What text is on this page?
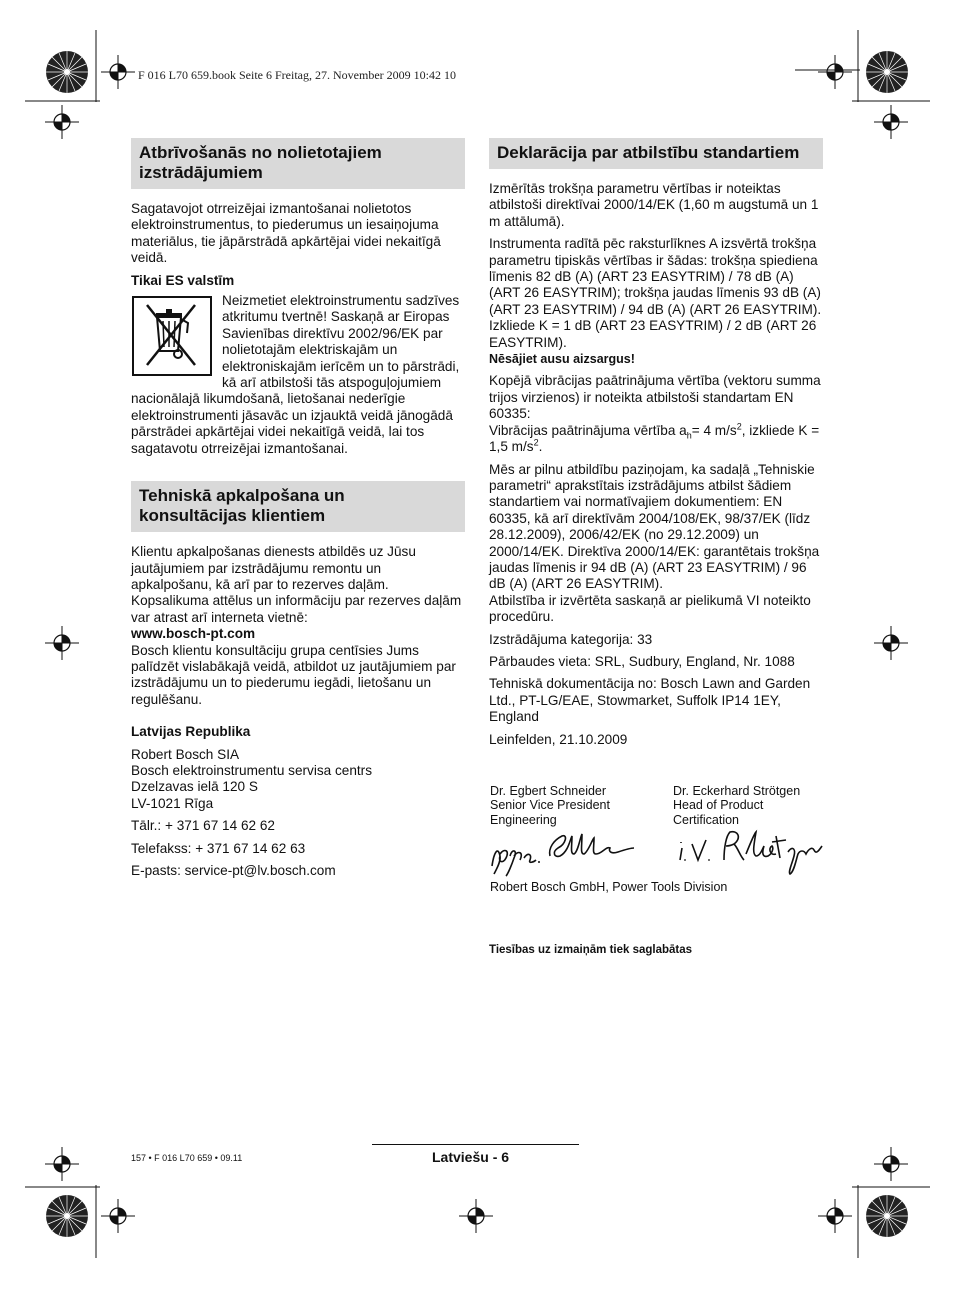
F 016 L70 659.book Seite 6 Freitag, 27. November 2009 10:42 10
Atbrīvošanās no nolietotajiem izstrādājumiem

Sagatavojot otrreizējai izmantošanai nolietotos elektroinstrumentus, to piederumus un iesaiņojuma materiālus, tie jāpārstrādā apkārtējai videi nekaitīgā veidā.

Tikai ES valstīm

Neizmetiet elektroinstrumentu sadzīves atkritumu tvertnē! Saskaņā ar Eiropas Savienības direktīvu 2002/96/EK par nolietotajām elektriskajām un elektroniskajām ierīcēm un to pārstrādi, kā arī atbilstoši tās atspoguļojumiem nacionālajā likumdošanā, lietošanai nederīgie elektroinstrumenti jāsavāc un izjauktā veidā jānogādā pārstrādei apkārtējai videi nekaitīgā veidā, lai tos sagatavotu otrreizējai izmantošanai.
Tehniskā apkalpošana un konsultācijas klientiem

Klientu apkalpošanas dienests atbildēs uz Jūsu jautājumiem par izstrādājumu remontu un apkalpošanu, kā arī par to rezerves daļām. Kopsalikuma attēlus un informāciju par rezerves daļām var atrast arī interneta vietnē:

www.bosch-pt.com

Bosch klientu konsultāciju grupa centīsies Jums palīdzēt vislabākajā veidā, atbildot uz jautājumiem par izstrādājumu un to piederumu iegādi, lietošanu un regulēšanu.

Latvijas Republika

Robert Bosch SIA
Bosch elektroinstrumentu servisa centrs
Dzelzavas ielā 120 S
LV-1021 Rīga

Tālr.: + 371 67 14 62 62

Telefakss: + 371 67 14 62 63

E-pasts: service-pt@lv.bosch.com

Deklarācija par atbilstību standartiem

Izmērītās trokšņa parametru vērtības ir noteiktas atbilstoši direktīvai 2000/14/EK (1,60 m augstumā un 1 m attālumā).

Instrumenta radītā pēc raksturlīknes A izsvērtā trokšņa parametru tipiskās vērtības ir šādas: trokšņa spiediena līmenis 82 dB (A) (ART 23 EASYTRIM) / 78 dB (A) (ART 26 EASYTRIM); trokšņa jaudas līmenis 93 dB (A) (ART 23 EASYTRIM) / 94 dB (A) (ART 26 EASYTRIM). Izkliede K = 1 dB (ART 23 EASYTRIM) / 2 dB (ART 26 EASYTRIM).

Nēsājiet ausu aizsargus!

Kopējā vibrācijas paātrinājuma vērtība (vektoru summa trijos virzienos) ir noteikta atbilstoši standartam EN 60335:

Vibrācijas paātrinājuma vērtība $a_h= 4$ $m/s^2$, izkliede K = 1,5 $m/s^2$.

Mēs ar pilnu atbildību paziņojam, ka sadaļā „Tehniskie parametri“ aprakstītais izstrādājums atbilst šādiem standartiem vai normatīvajiem dokumentiem: EN 60335, kā arī direktīvām 2004/108/EK, 98/37/EK (līdz 28.12.2009), 2006/42/EK (no 29.12.2009) un 2000/14/EK. Direktīva 2000/14/EK: garantētais trokšņa jaudas līmenis ir 94 dB (A) (ART 23 EASYTRIM) / 96 dB (A) (ART 26 EASYTRIM).

Atbilstība ir izvērtēta saskaņā ar pielikumā VI noteikto procedūru.

Izstrādājuma kategorija: 33

Pārbaudes vieta: SRL, Sudbury, England, Nr. 1088

Tehniskā dokumentācija no: Bosch Lawn and Garden Ltd., PT-LG/EAE, Stowmarket, Suffolk IP14 1EY, England

Leinfelden, 21.10.2009

Dr. Egbert Schneider
Senior Vice President
Engineering
Dr. Eckerhard Strötgen
Head of Product
Certification
Robert Bosch GmbH, Power Tools Division
Tiesības uz izmaiņām tiek saglabātas
157 • F 016 L70 659 • 09.11	Latviešu - 6
